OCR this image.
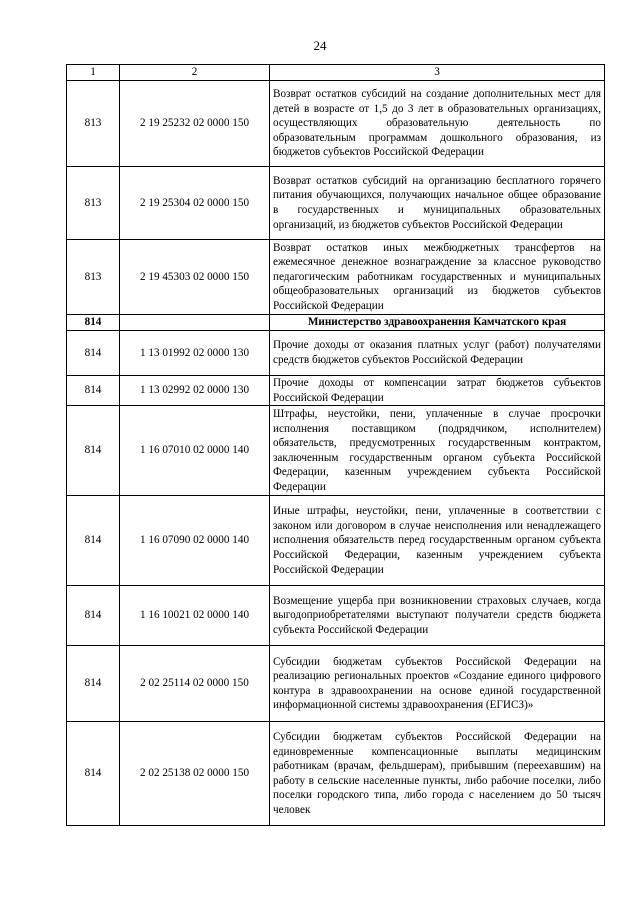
24
1	2	3
813	2 19 25232 02 0000 150	Возврат остатков субсидий на создание дополнительных мест для детей в возрасте от 1,5 до 3 лет в образовательных организациях, осуществляющих образовательную деятельность по образовательным программам дошкольного образования, из бюджетов субъектов Российской Федерации
813	2 19 25304 02 0000 150	Возврат остатков субсидий на организацию бесплатного горячего питания обучающихся, получающих начальное общее образование в государственных и муниципальных образовательных организаций, из бюджетов субъектов Российской Федерации
813	2 19 45303 02 0000 150	Возврат остатков иных межбюджетных трансфертов на ежемесячное денежное вознаграждение за классное руководство педагогическим работникам государственных и муниципальных общеобразовательных организаций из бюджетов субъектов Российской Федерации
814		Министерство здравоохранения Камчатского края
814	1 13 01992 02 0000 130	Прочие доходы от оказания платных услуг (работ) получателями средств бюджетов субъектов Российской Федерации
814	1 13 02992 02 0000 130	Прочие доходы от компенсации затрат бюджетов субъектов Российской Федерации
814	1 16 07010 02 0000 140	Штрафы, неустойки, пени, уплаченные в случае просрочки исполнения поставщиком (подрядчиком, исполнителем) обязательств, предусмотренных государственным контрактом, заключенным государственным органом субъекта Российской Федерации, казенным учреждением субъекта Российской Федерации
814	1 16 07090 02 0000 140	Иные штрафы, неустойки, пени, уплаченные в соответствии с законом или договором в случае неисполнения или ненадлежащего исполнения обязательств перед государственным органом субъекта Российской Федерации, казенным учреждением субъекта Российской Федерации
814	1 16 10021 02 0000 140	Возмещение ущерба при возникновении страховых случаев, когда выгодоприобретателями выступают получатели средств бюджета субъекта Российской Федерации
814	2 02 25114 02 0000 150	Субсидии бюджетам субъектов Российской Федерации на реализацию региональных проектов «Создание единого цифрового контура в здравоохранении на основе единой государственной информационной системы здравоохранения (ЕГИСЗ)»
814	2 02 25138 02 0000 150	Субсидии бюджетам субъектов Российской Федерации на единовременные компенсационные выплаты медицинским работникам (врачам, фельдшерам), прибывшим (переехавшим) на работу в сельские населенные пункты, либо рабочие поселки, либо поселки городского типа, либо города с населением до 50 тысяч человек
